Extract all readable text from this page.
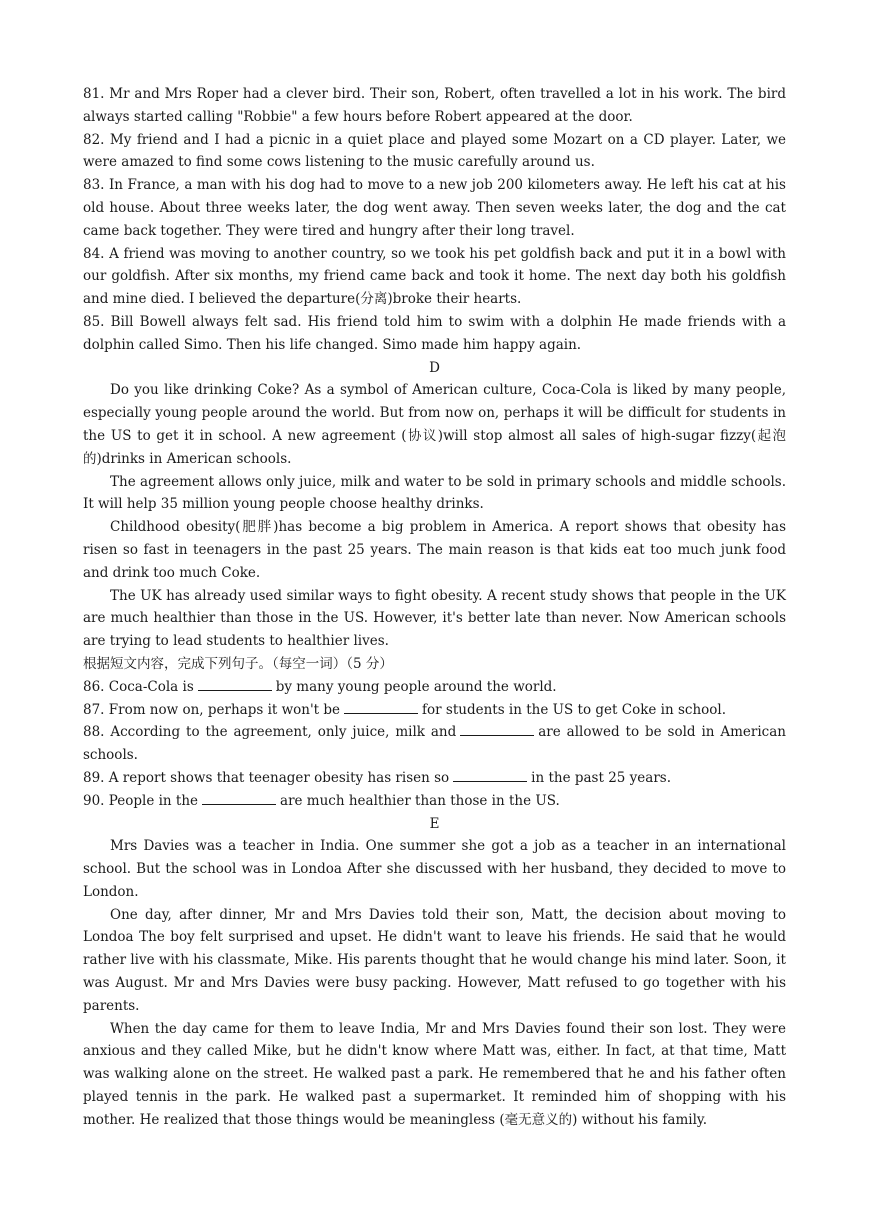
81. Mr and Mrs Roper had a clever bird. Their son, Robert, often travelled a lot in his work. The bird always started calling "Robbie" a few hours before Robert appeared at the door.

82. My friend and I had a picnic in a quiet place and played some Mozart on a CD player. Later, we were amazed to find some cows listening to the music carefully around us.

83. In France, a man with his dog had to move to a new job 200 kilometers away. He left his cat at his old house. About three weeks later, the dog went away. Then seven weeks later, the dog and the cat came back together. They were tired and hungry after their long travel.

84. A friend was moving to another country, so we took his pet goldfish back and put it in a bowl with our goldfish. After six months, my friend came back and took it home. The next day both his goldfish and mine died. I believed the departure(分离)broke their hearts.

85. Bill Bowell always felt sad. His friend told him to swim with a dolphin He made friends with a dolphin called Simo. Then his life changed. Simo made him happy again.

D

Do you like drinking Coke? As a symbol of American culture, Coca-Cola is liked by many people, especially young people around the world. But from now on, perhaps it will be difficult for students in the US to get it in school. A new agreement (协议)will stop almost all sales of high-sugar fizzy(起泡的)drinks in American schools.

The agreement allows only juice, milk and water to be sold in primary schools and middle schools. It will help 35 million young people choose healthy drinks.

Childhood obesity(肥胖)has become a big problem in America. A report shows that obesity has risen so fast in teenagers in the past 25 years. The main reason is that kids eat too much junk food and drink too much Coke.

The UK has already used similar ways to fight obesity. A recent study shows that people in the UK are much healthier than those in the US. However, it's better late than never. Now American schools are trying to lead students to healthier lives.

根据短文内容，完成下列句子。（每空一词）（5 分）

86. Coca-Cola is	by many young people around the world.

87. From now on, perhaps it won't be	for students in the US to get Coke in school.

88. According to the agreement, only juice, milk and	are allowed to be sold in American schools.

89. A report shows that teenager obesity has risen so	in the past 25 years.

90. People in the	are much healthier than those in the US.

E

Mrs Davies was a teacher in India. One summer she got a job as a teacher in an international school. But the school was in Londoa After she discussed with her husband, they decided to move to London.

One day, after dinner, Mr and Mrs Davies told their son, Matt, the decision about moving to Londoa The boy felt surprised and upset. He didn't want to leave his friends. He said that he would rather live with his classmate, Mike. His parents thought that he would change his mind later. Soon, it was August. Mr and Mrs Davies were busy packing. However, Matt refused to go together with his parents.

When the day came for them to leave India, Mr and Mrs Davies found their son lost. They were anxious and they called Mike, but he didn't know where Matt was, either. In fact, at that time, Matt was walking alone on the street. He walked past a park. He remembered that he and his father often played tennis in the park. He walked past a supermarket. It reminded him of shopping with his mother. He realized that those things would be meaningless (毫无意义的) without his family.
